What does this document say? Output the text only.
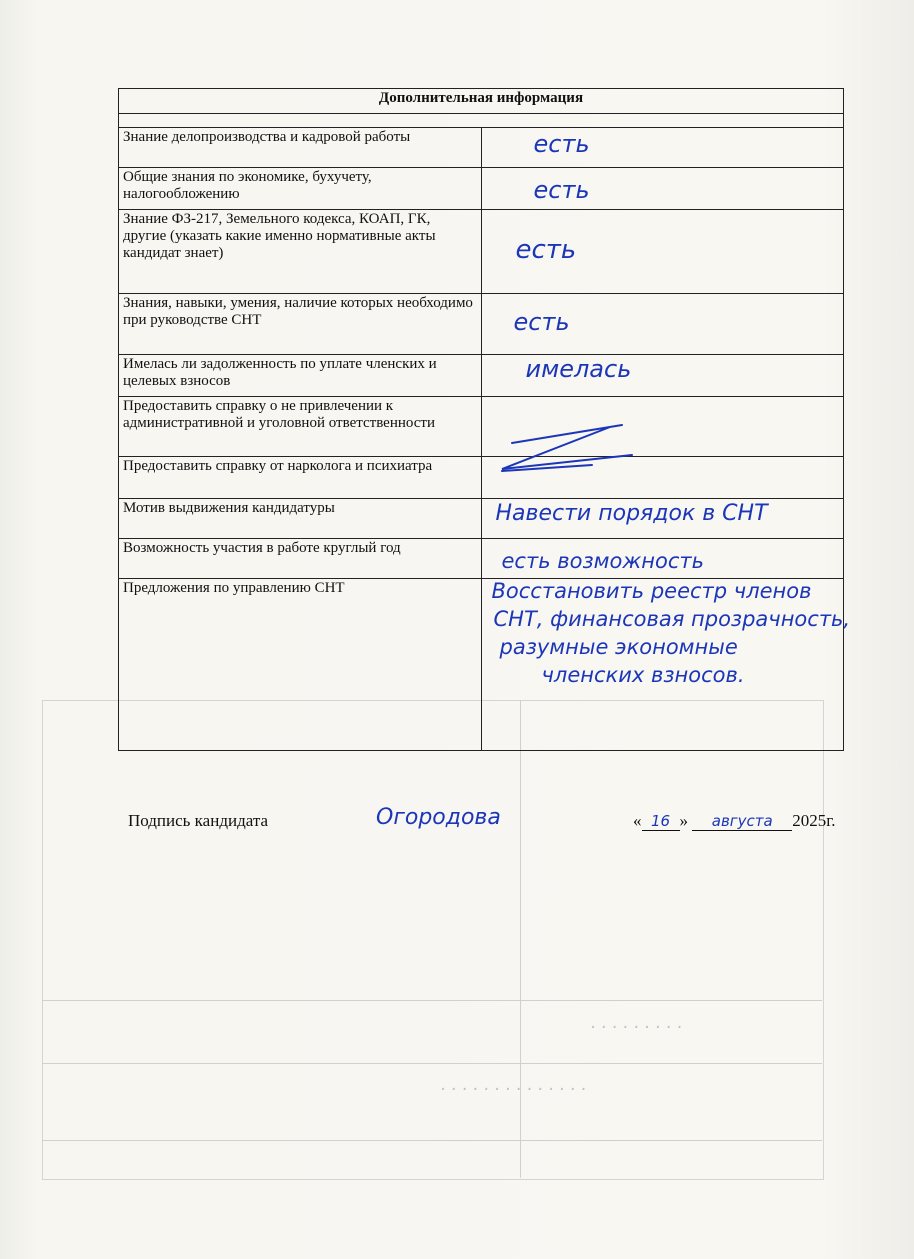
· · · · · · · · ·
· · · · · · · · · · · · · ·
Дополнительная информация	

Знание делопроизводства и кадровой работы	есть

Общие знания по экономике, бухучету, налогообложению	есть

Знание ФЗ-217, Земельного кодекса, КОАП, ГК, другие (указать какие именно нормативные акты кандидат знает)	есть

Знания, навыки, умения, наличие которых необходимо при руководстве СНТ	есть

Имелась ли задолженность по уплате членских и целевых взносов	имелась

Предоставить справку о не привлечении к административной и уголовной ответственности	

Предоставить справку от нарколога и психиатра	
Мотив выдвижения кандидатуры	Навести порядок в СНТ

Возможность участия в работе круглый год	есть возможность

Предложения по управлению СНТ	Восстановить реестр членов
СНТ, финансовая прозрачность,
разумные экономные
членских взносов.
Подпись кандидата	Огородова	« 16 » августа 2025г.
